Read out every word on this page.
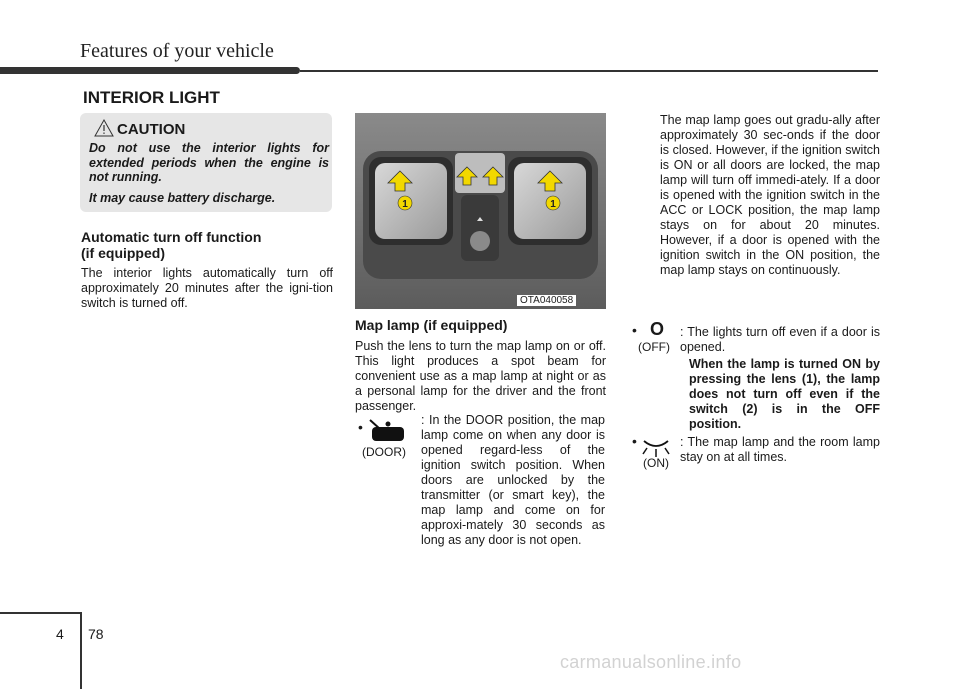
Features of your vehicle
INTERIOR LIGHT
CAUTION

Do not use the interior lights for extended periods when the engine is not running.

It may cause battery discharge.

Automatic turn off function
(if equipped)
The interior lights automatically turn off approximately 20 minutes after the igni-tion switch is turned off.
1	1
OTA040058
Map lamp (if equipped)
Push the lens to turn the map lamp on or off. This light produces a spot beam for convenient use as a map lamp at night or as a personal lamp for the driver and the front passenger.
•
(DOOR)
: In the DOOR position, the map lamp come on when any door is opened regard-less of the ignition switch position. When doors are unlocked by the transmitter (or smart key), the map lamp and come on for approxi-mately 30 seconds as long as any door is not open.
The map lamp goes out gradu-ally after approximately 30 sec-onds if the door is closed. However, if the ignition switch is ON or all doors are locked, the map lamp will turn off immedi-ately. If a door is opened with the ignition switch in the ACC or LOCK position, the map lamp stays on for about 20 minutes. However, if a door is opened with the ignition switch in the ON position, the map lamp stays on continuously.
• O
(OFF)
: The lights turn off even if a door is opened.
When the lamp is turned ON by pressing the lens (1), the lamp does not turn off even if the switch (2) is in the OFF position.
•
(ON)
: The map lamp and the room lamp stay on at all times.
4 78
carmanualsonline.info
